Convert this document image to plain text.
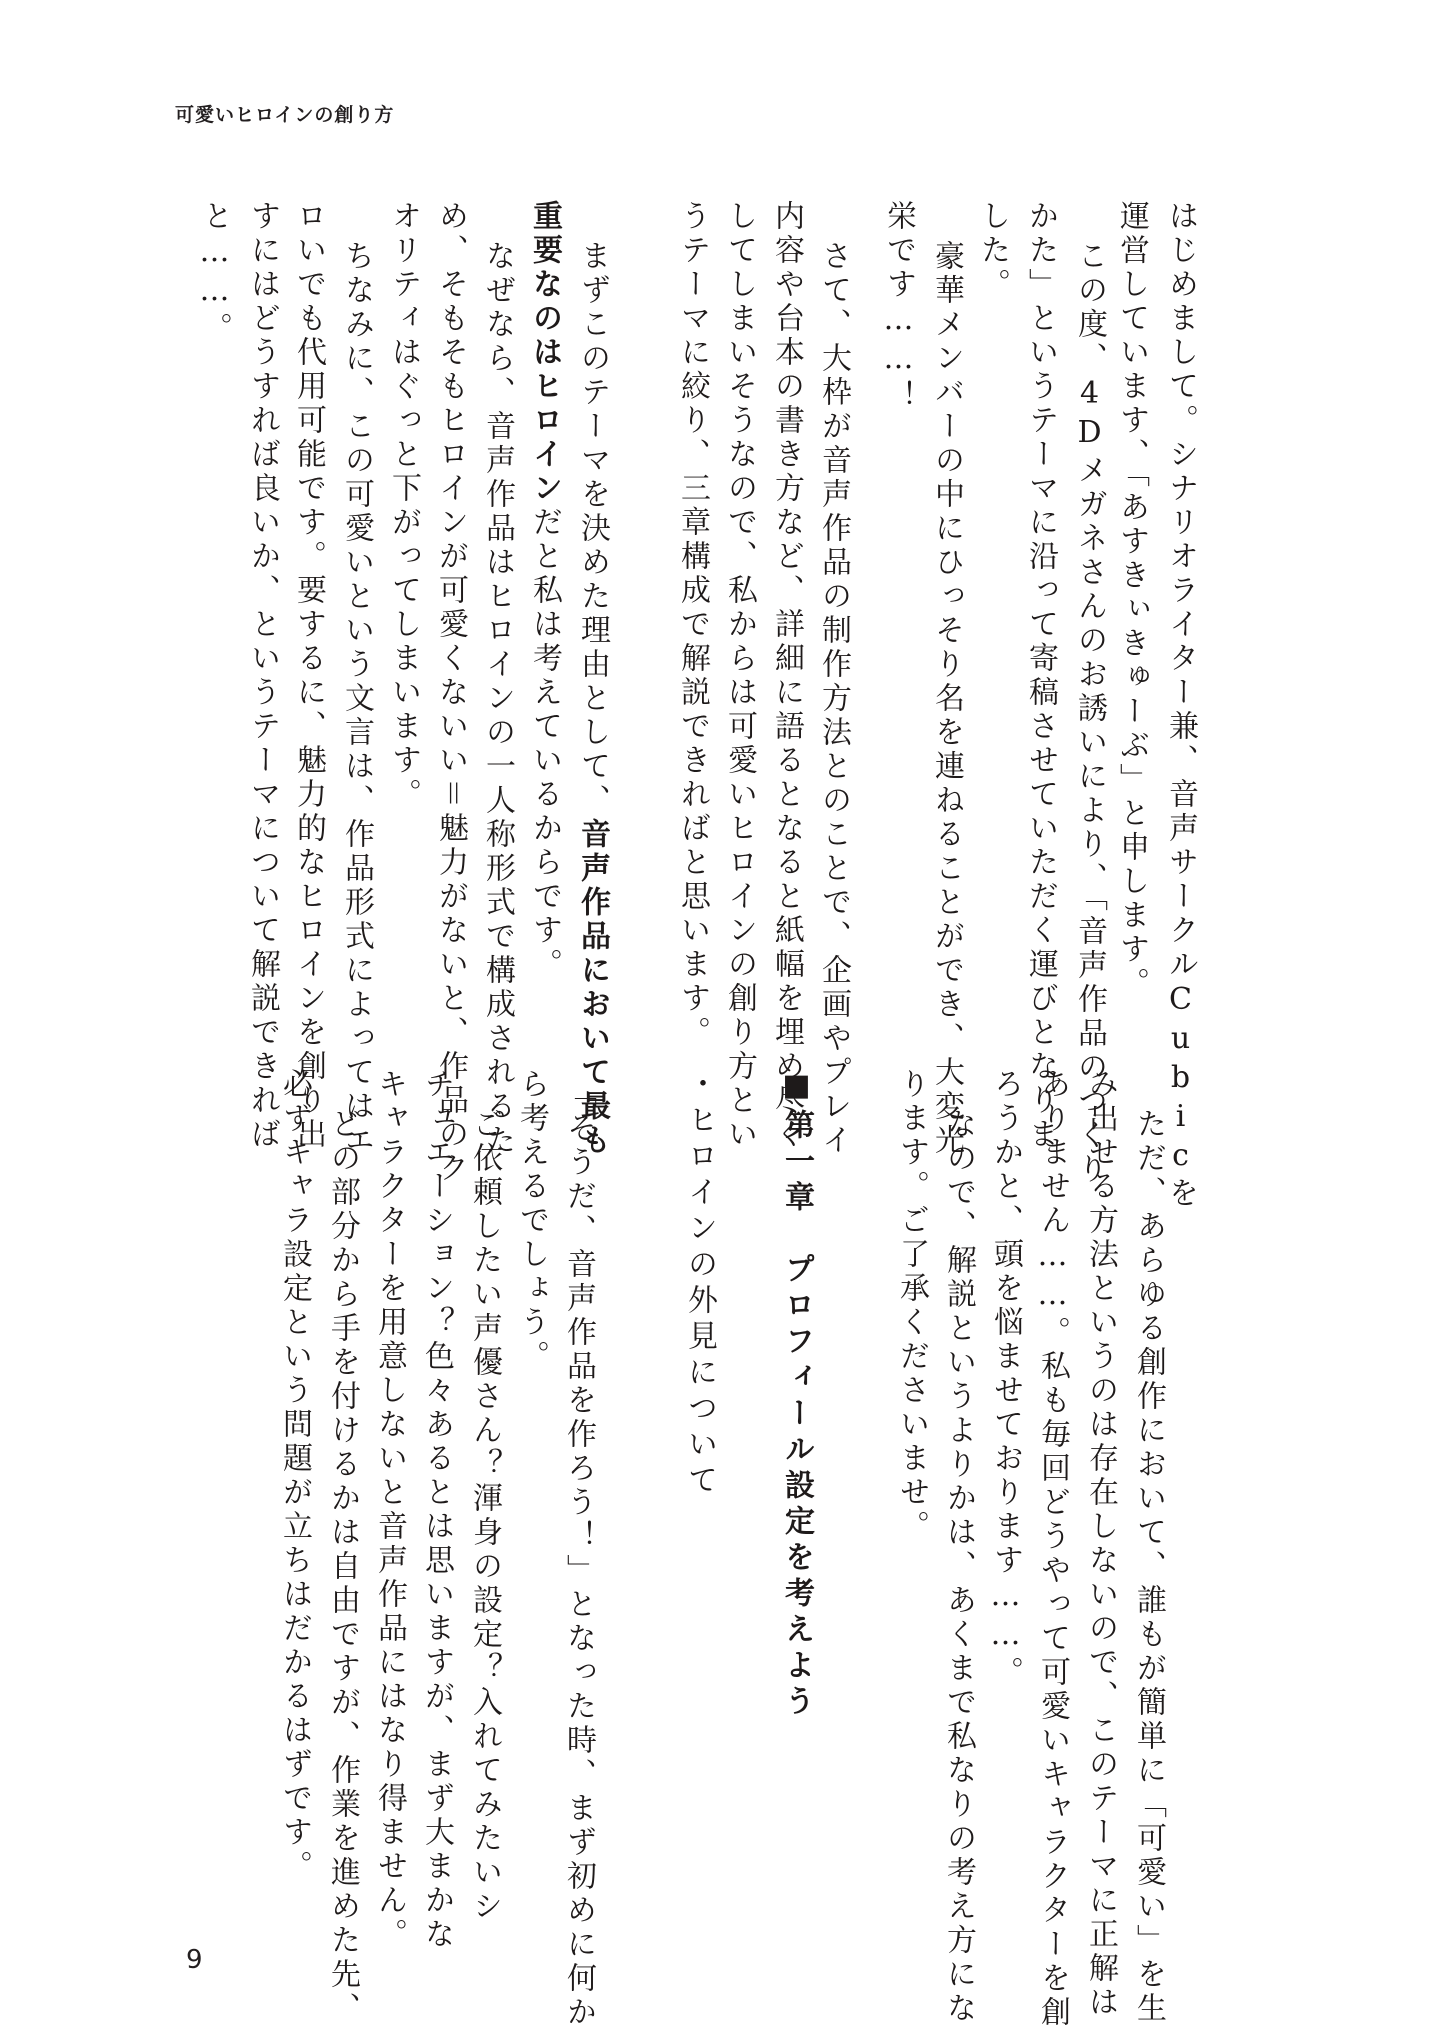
可愛いヒロインの創り方
はじめまして。シナリオライター兼、音声サークルCubicを
運営しています、「あすきぃきゅーぶ」と申します。
この度、4Dメガネさんのお誘いにより、「音声作品のつくり
かた」というテーマに沿って寄稿させていただく運びとなりま
した。
豪華メンバーの中にひっそり名を連ねることができ、大変光
栄です……！
さて、大枠が音声作品の制作方法とのことで、企画やプレイ
内容や台本の書き方など、詳細に語るとなると紙幅を埋め尽く
してしまいそうなので、私からは可愛いヒロインの創り方とい
うテーマに絞り、三章構成で解説できればと思います。
まずこのテーマを決めた理由として、音声作品において最も
重要なのはヒロインだと私は考えているからです。
なぜなら、音声作品はヒロインの一人称形式で構成されるた
め、そもそもヒロインが可愛くないい＝魅力がないと、作品のク
オリティはぐっと下がってしまいます。
ちなみに、この可愛いという文言は、作品形式によってはエ
ロいでも代用可能です。要するに、魅力的なヒロインを創り出
すにはどうすれば良いか、というテーマについて解説できれば
と……。
ただ、あらゆる創作において、誰もが簡単に「可愛い」を生
み出せる方法というのは存在しないので、このテーマに正解は
ありません……。私も毎回どうやって可愛いキャラクターを創
ろうかと、頭を悩ませております……。
なので、解説というよりかは、あくまで私なりの考え方にな
ります。ご了承くださいませ。
「そうだ、音声作品を作ろう！」となった時、まず初めに何か
ら考えるでしょう。
ご依頼したい声優さん？渾身の設定？入れてみたいシ
チュエーション？色々あるとは思いますが、まず大まかな
キャラクターを用意しないと音声作品にはなり得ません。
どの部分から手を付けるかは自由ですが、作業を進めた先、
必ずキャラ設定という問題が立ちはだかるはずです。	■第一章　プロフィール設定を考えよう
・ヒロインの外見について
9
